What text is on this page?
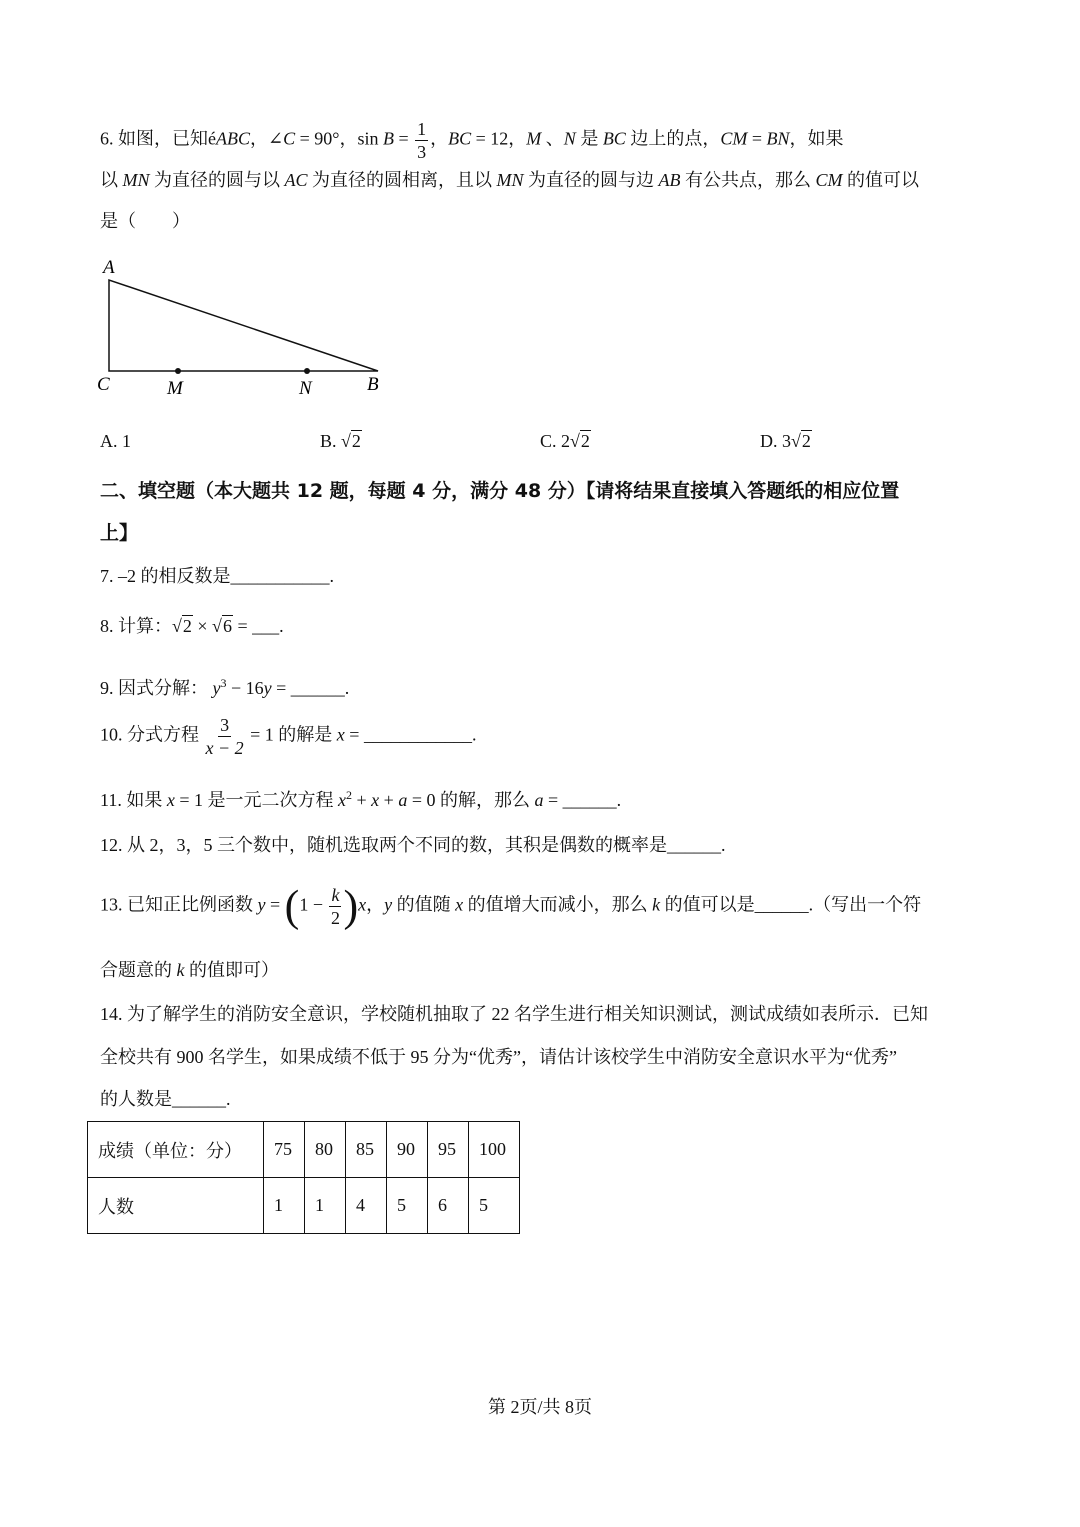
6. 如图，已知éABC，∠C = 90°，$\sin B = \frac{1}{3}$ ，BC = 12，M 、N 是 BC 边上的点，CM = BN，如果
以 MN 为直径的圆与以 AC 为直径的圆相离，且以 MN 为直径的圆与边 AB 有公共点，那么 CM 的值可以
是（　　）
A
C	M	N	B
A. 1	B. √2	C. 2√2	D. 3√2
二、填空题（本大题共 12 题，每题 4 分，满分 48 分）【请将结果直接填入答题纸的相应位置
上】
7. –2 的相反数是___________.
8. 计算：√2 × √6 = ___.
9. 因式分解： $y^3 - 16y$ = ______.
10. 分式方程 $\frac{3}{x - 2} = 1$ 的解是 x = ____________.
11. 如果 x = 1 是一元二次方程 $x^2 + x + a = 0$ 的解，那么 a = ______.
12. 从 2，3，5 三个数中，随机选取两个不同的数，其积是偶数的概率是______.
13. 已知正比例函数 $y = (1 - \frac{k}{2} )x$，y 的值随 x 的值增大而减小，那么 k 的值可以是______.（写出一个符
合题意的 k 的值即可）
14. 为了解学生的消防安全意识，学校随机抽取了 22 名学生进行相关知识测试，测试成绩如表所示．已知
全校共有 900 名学生，如果成绩不低于 95 分为“优秀”，请估计该校学生中消防安全意识水平为“优秀”
的人数是______.
成绩（单位：分）	75	80	85	90	95	100
人数	1	1	4	5	6	5
第 2页/共 8页
